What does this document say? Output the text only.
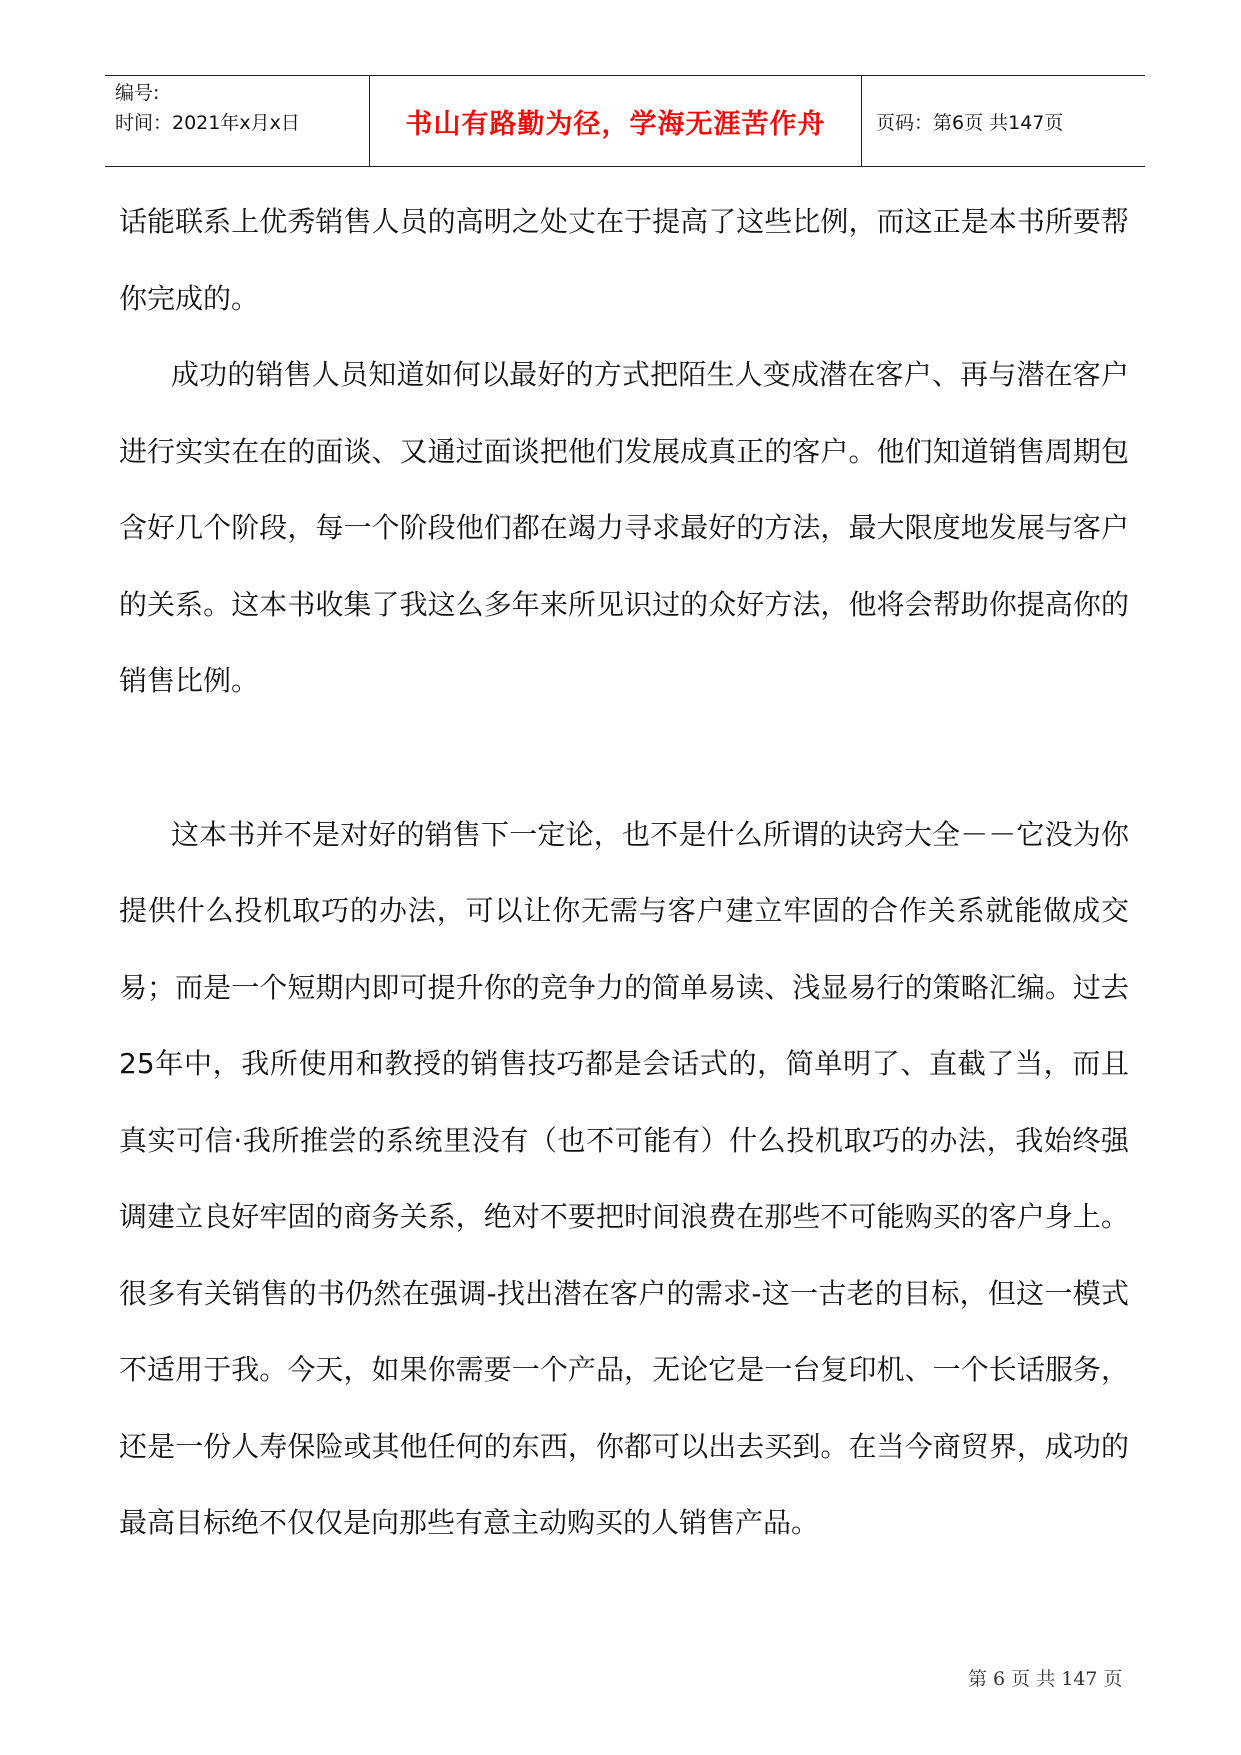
编号:
时间：2021年x月x日	书山有路勤为径，学海无涯苦作舟	页码：第6页 共147页

话能联系上优秀销售人员的高明之处丈在于提高了这些比例，而这正是本书所要帮你完成的。

成功的销售人员知道如何以最好的方式把陌生人变成潜在客户、再与潜在客户进行实实在在的面谈、又通过面谈把他们发展成真正的客户。他们知道销售周期包含好几个阶段，每一个阶段他们都在竭力寻求最好的方法，最大限度地发展与客户的关系。这本书收集了我这么多年来所见识过的众好方法，他将会帮助你提高你的销售比例。

这本书并不是对好的销售下一定论，也不是什么所谓的诀窍大全－－它没为你提供什么投机取巧的办法，可以让你无需与客户建立牢固的合作关系就能做成交易；而是一个短期内即可提升你的竞争力的简单易读、浅显易行的策略汇编。过去25年中，我所使用和教授的销售技巧都是会话式的，简单明了、直截了当，而且真实可信·我所推尝的系统里没有（也不可能有）什么投机取巧的办法，我始终强调建立良好牢固的商务关系，绝对不要把时间浪费在那些不可能购买的客户身上。很多有关销售的书仍然在强调-找出潜在客户的需求-这一古老的目标，但这一模式不适用于我。今天，如果你需要一个产品，无论它是一台复印机、一个长话服务，还是一份人寿保险或其他任何的东西，你都可以出去买到。在当今商贸界，成功的最高目标绝不仅仅是向那些有意主动购买的人销售产品。

第 6 页 共 147 页
